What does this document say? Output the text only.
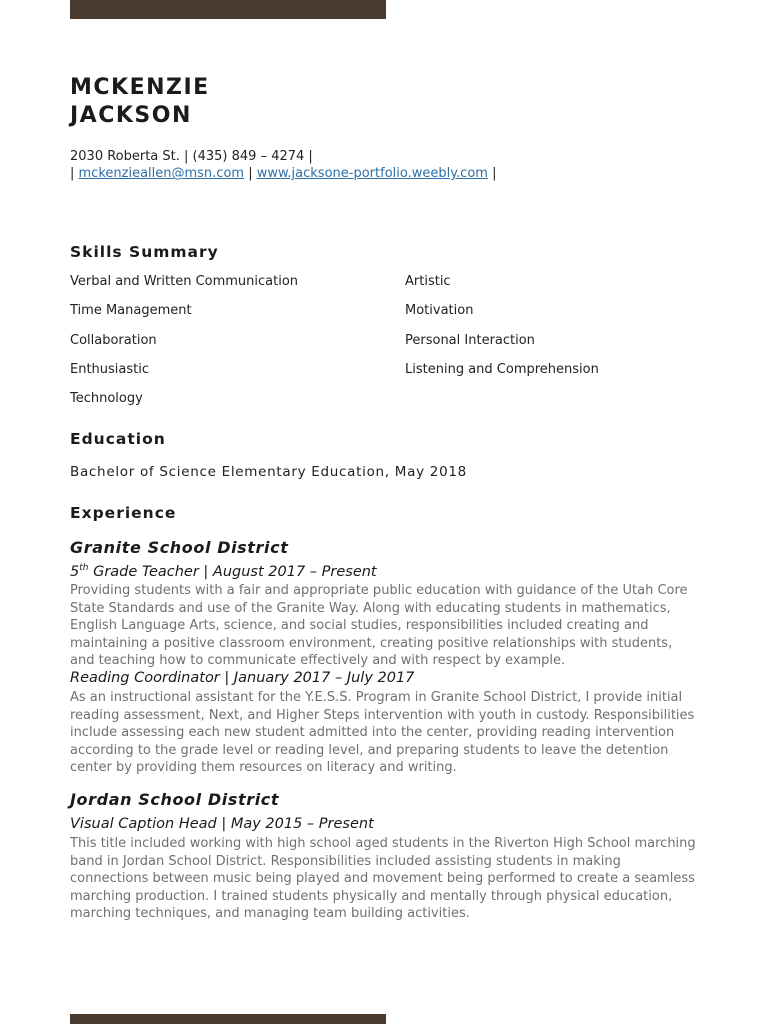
MCKENZIE
JACKSON
2030 Roberta St. | (435) 849 – 4274 |
| mckenzieallen@msn.com | www.jacksone-portfolio.weebly.com |
Skills Summary
Verbal and Written Communication	Artistic
Time Management	Motivation
Collaboration	Personal Interaction
Enthusiastic	Listening and Comprehension
Technology
Education
Bachelor of Science Elementary Education, May 2018
Experience
Granite School District
5th Grade Teacher | August 2017 – Present

Providing students with a fair and appropriate public education with guidance of the Utah Core State Standards and use of the Granite Way. Along with educating students in mathematics, English Language Arts, science, and social studies, responsibilities included creating and maintaining a positive classroom environment, creating positive relationships with students, and teaching how to communicate effectively and with respect by example.

Reading Coordinator | January 2017 – July 2017

As an instructional assistant for the Y.E.S.S. Program in Granite School District, I provide initial reading assessment, Next, and Higher Steps intervention with youth in custody. Responsibilities include assessing each new student admitted into the center, providing reading intervention according to the grade level or reading level, and preparing students to leave the detention center by providing them resources on literacy and writing.

Jordan School District
Visual Caption Head | May 2015 – Present

This title included working with high school aged students in the Riverton High School marching band in Jordan School District. Responsibilities included assisting students in making connections between music being played and movement being performed to create a seamless marching production. I trained students physically and mentally through physical education, marching techniques, and managing team building activities.
